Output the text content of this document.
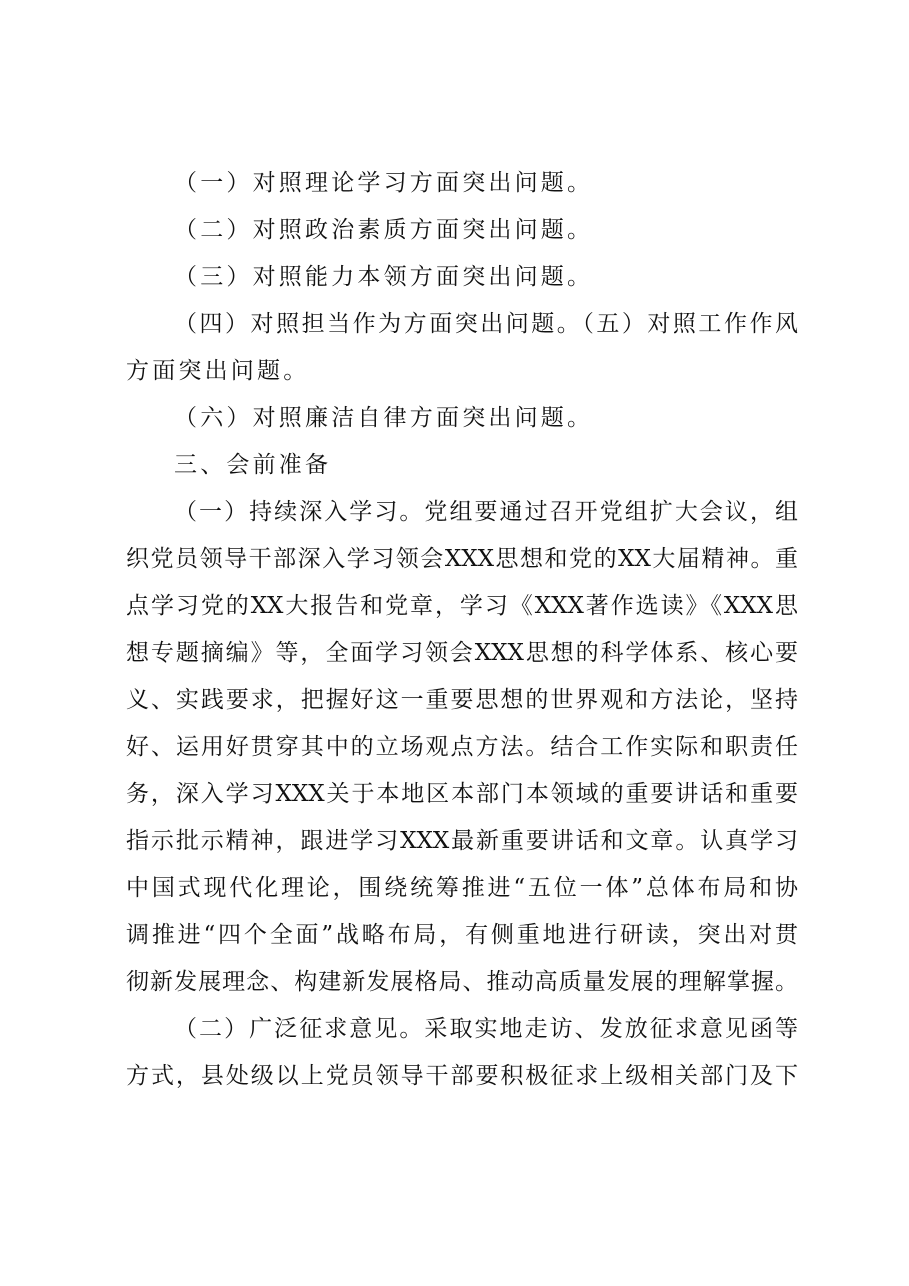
（一）对照理论学习方面突出问题。
（二）对照政治素质方面突出问题。
（三）对照能力本领方面突出问题。
（四）对照担当作为方面突出问题。（五）对照工作作风
方面突出问题。
（六）对照廉洁自律方面突出问题。
三、会前准备
（一）持续深入学习。党组要通过召开党组扩大会议，组
织党员领导干部深入学习领会XXX思想和党的XX大届精神。重
点学习党的XX大报告和党章，学习《XXX著作选读》《XXX思
想专题摘编》等，全面学习领会XXX思想的科学体系、核心要
义、实践要求，把握好这一重要思想的世界观和方法论，坚持
好、运用好贯穿其中的立场观点方法。结合工作实际和职责任
务，深入学习XXX关于本地区本部门本领域的重要讲话和重要
指示批示精神，跟进学习XXX最新重要讲话和文章。认真学习
中国式现代化理论，围绕统筹推进“五位一体”总体布局和协
调推进“四个全面”战略布局，有侧重地进行研读，突出对贯
彻新发展理念、构建新发展格局、推动高质量发展的理解掌握。
（二）广泛征求意见。采取实地走访、发放征求意见函等
方式，县处级以上党员领导干部要积极征求上级相关部门及下
